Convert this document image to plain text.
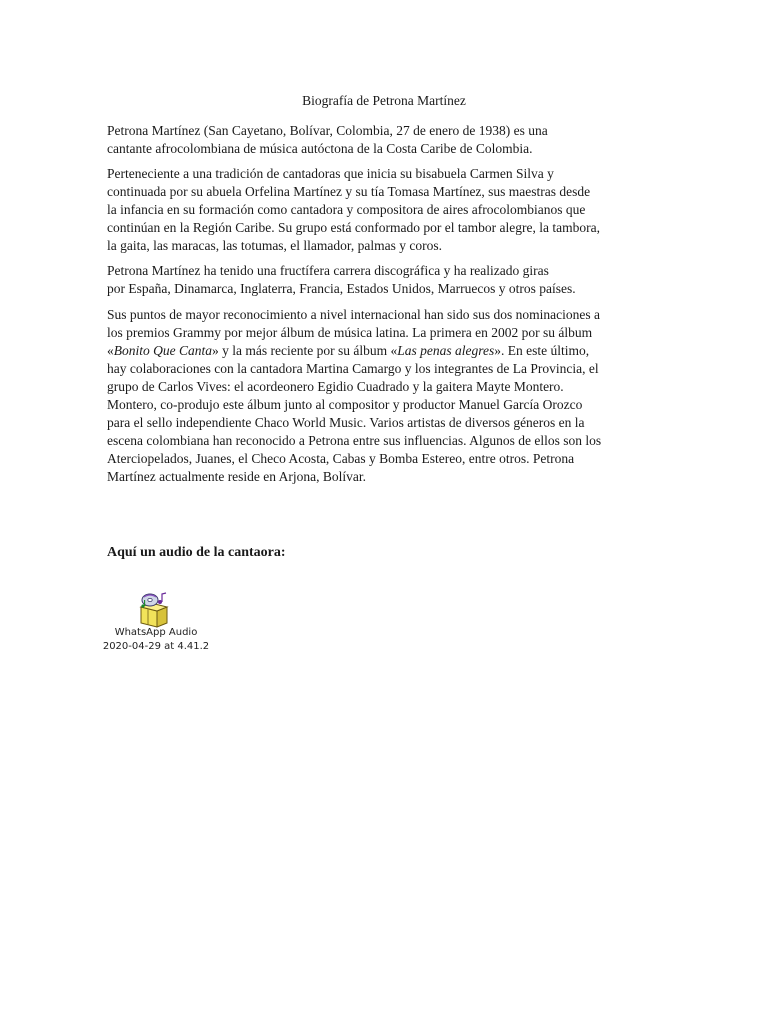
Biografía de Petrona Martínez

Petrona Martínez (San Cayetano, Bolívar, Colombia, 27 de enero de 1938) es una
cantante afrocolombiana de música autóctona de la Costa Caribe de Colombia.

Perteneciente a una tradición de cantadoras que inicia su bisabuela Carmen Silva y
continuada por su abuela Orfelina Martínez y su tía Tomasa Martínez, sus maestras desde
la infancia en su formación como cantadora y compositora de aires afrocolombianos que
continúan en la Región Caribe. Su grupo está conformado por el tambor alegre, la tambora,
la gaita, las maracas, las totumas, el llamador, palmas y coros.

Petrona Martínez ha tenido una fructífera carrera discográfica y ha realizado giras
por España, Dinamarca, Inglaterra, Francia, Estados Unidos, Marruecos y otros países.

Sus puntos de mayor reconocimiento a nivel internacional han sido sus dos nominaciones a
los premios Grammy por mejor álbum de música latina. La primera en 2002 por su álbum
«Bonito Que Canta» y la más reciente por su álbum «Las penas alegres». En este último,
hay colaboraciones con la cantadora Martina Camargo y los integrantes de La Provincia, el
grupo de Carlos Vives: el acordeonero Egidio Cuadrado y la gaitera Mayte Montero.
Montero, co-produjo este álbum junto al compositor y productor Manuel García Orozco
para el sello independiente Chaco World Music. Varios artistas de diversos géneros en la
escena colombiana han reconocido a Petrona entre sus influencias. Algunos de ellos son los
Aterciopelados, Juanes, el Checo Acosta, Cabas y Bomba Estereo, entre otros. Petrona
Martínez actualmente reside en Arjona, Bolívar.

Aquí un audio de la cantaora:
WhatsApp Audio
2020-04-29 at 4.41.2
